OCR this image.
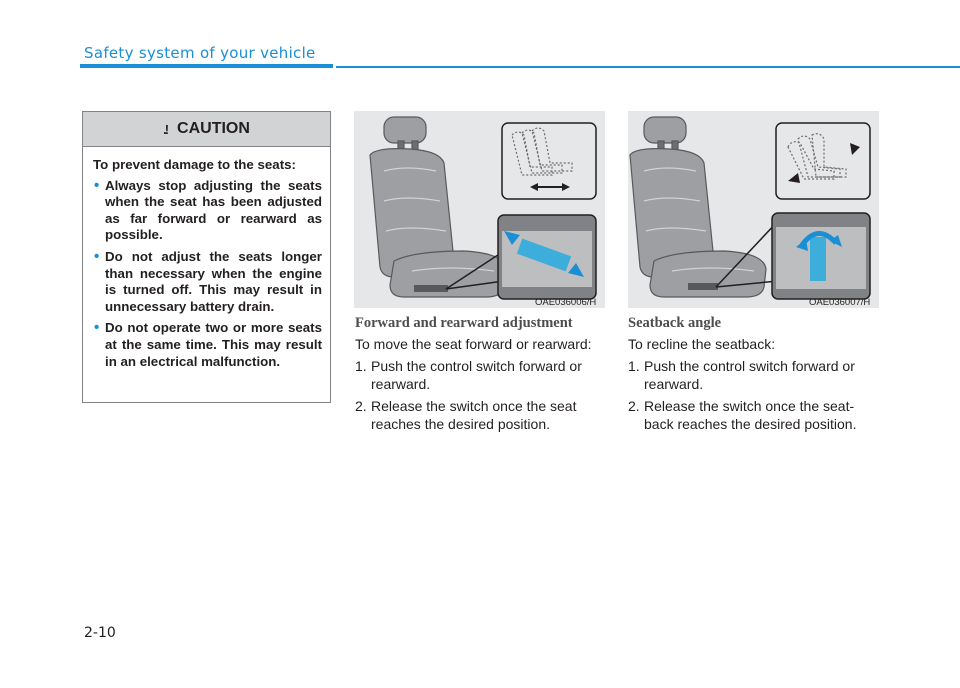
Safety system of your vehicle
.! CAUTION
To prevent damage to the seats:
• Always stop adjusting the seats when the seat has been adjusted as far forward or rearward as possible.
• Do not adjust the seats longer than necessary when the engine is turned off. This may result in unnecessary battery drain.
• Do not operate two or more seats at the same time. This may result in an electrical malfunction.
OAE036006/H	OAE036007/H
Forward and rearward adjustment

To move the seat forward or rearward:

1. Push the control switch forward or rearward.
2. Release the switch once the seat reaches the desired position.
Seatback angle

To recline the seatback:

1. Push the control switch forward or rearward.
2. Release the switch once the seat-back reaches the desired position.
2-10
